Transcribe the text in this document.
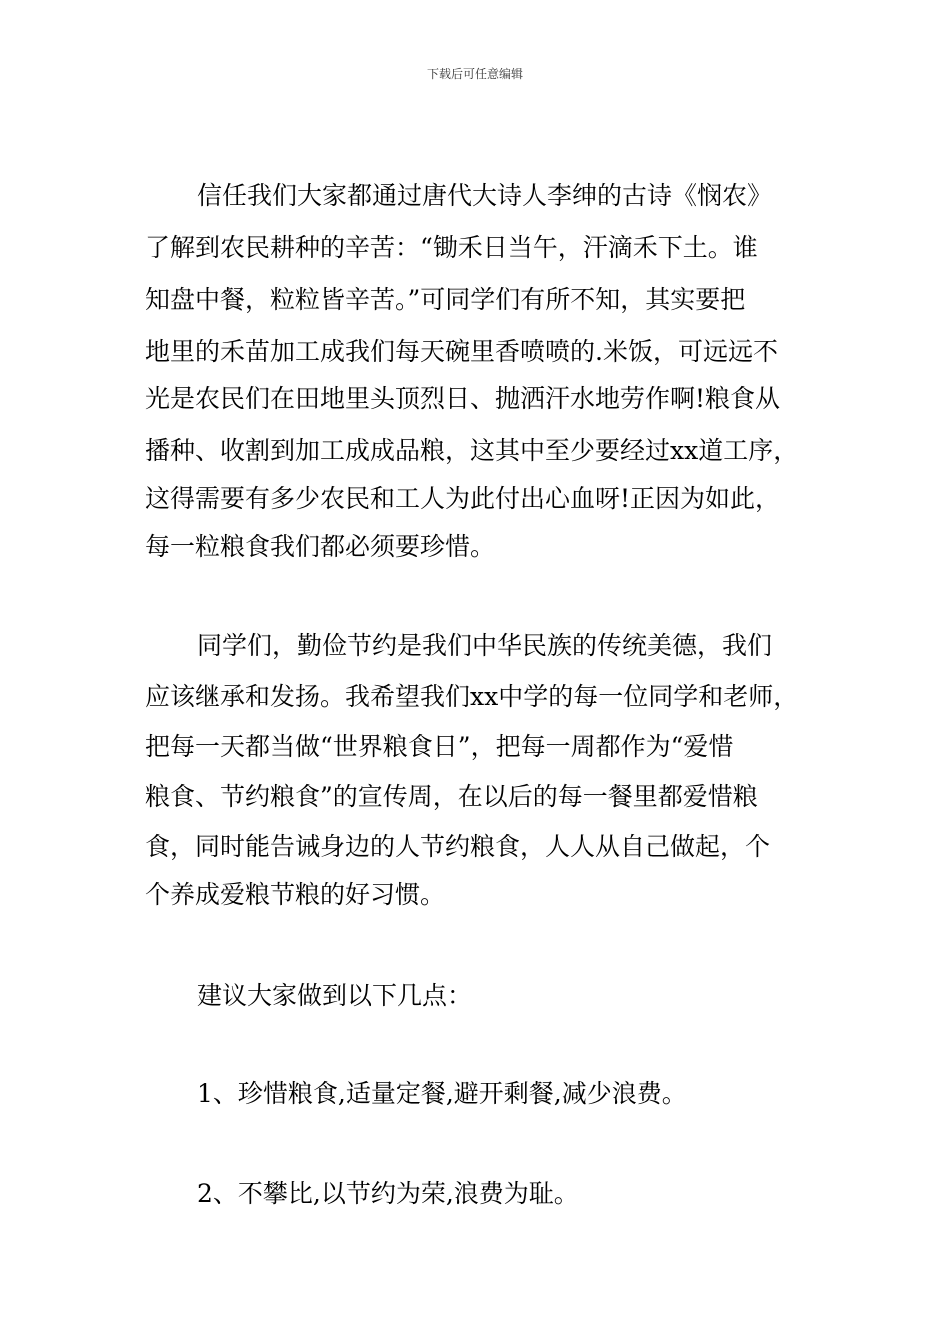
下载后可任意编辑
信任我们大家都通过唐代大诗人李绅的古诗《悯农》
了解到农民耕种的辛苦：“锄禾日当午，汗滴禾下土。谁
知盘中餐，粒粒皆辛苦。”可同学们有所不知，其实要把
地里的禾苗加工成我们每天碗里香喷喷的.米饭，可远远不
光是农民们在田地里头顶烈日、抛洒汗水地劳作啊!粮食从
播种、收割到加工成成品粮，这其中至少要经过xx道工序，
这得需要有多少农民和工人为此付出心血呀!正因为如此，
每一粒粮食我们都必须要珍惜。
同学们，勤俭节约是我们中华民族的传统美德，我们
应该继承和发扬。我希望我们xx中学的每一位同学和老师，
把每一天都当做“世界粮食日”，把每一周都作为“爱惜
粮食、节约粮食”的宣传周，在以后的每一餐里都爱惜粮
食，同时能告诫身边的人节约粮食，人人从自己做起，个
个养成爱粮节粮的好习惯。
建议大家做到以下几点：
1、珍惜粮食,适量定餐,避开剩餐,减少浪费。
2、不攀比,以节约为荣,浪费为耻。
